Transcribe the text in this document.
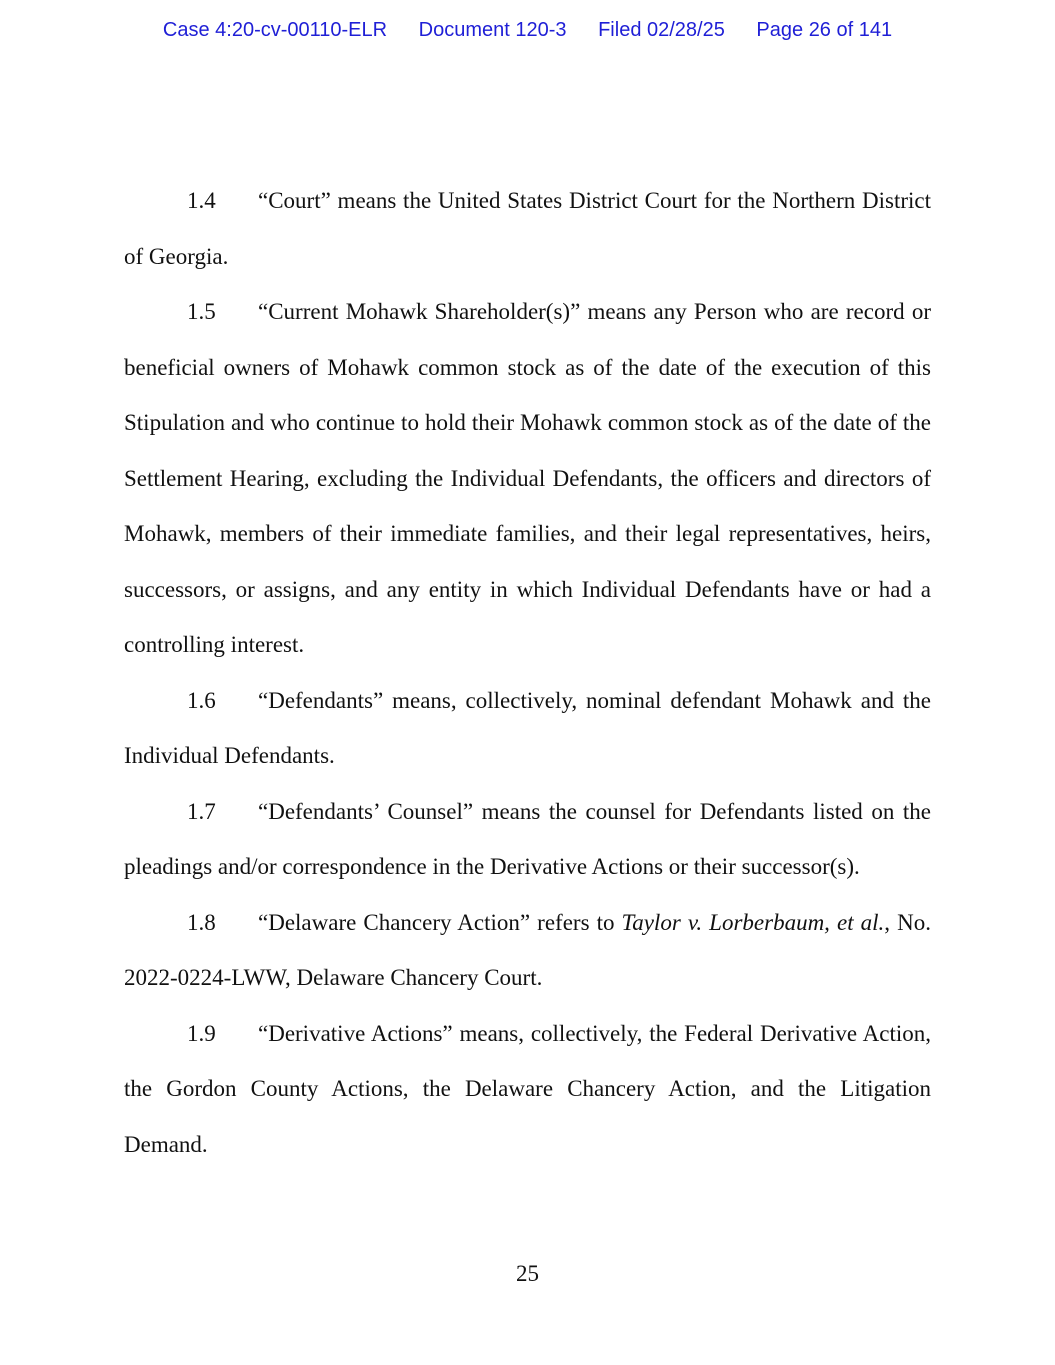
Case 4:20-cv-00110-ELR Document 120-3 Filed 02/28/25 Page 26 of 141

1.4 “Court” means the United States District Court for the Northern District of Georgia.

1.5 “Current Mohawk Shareholder(s)” means any Person who are record or beneficial owners of Mohawk common stock as of the date of the execution of this Stipulation and who continue to hold their Mohawk common stock as of the date of the Settlement Hearing, excluding the Individual Defendants, the officers and directors of Mohawk, members of their immediate families, and their legal representatives, heirs, successors, or assigns, and any entity in which Individual Defendants have or had a controlling interest.

1.6 “Defendants” means, collectively, nominal defendant Mohawk and the Individual Defendants.

1.7 “Defendants’ Counsel” means the counsel for Defendants listed on the pleadings and/or correspondence in the Derivative Actions or their successor(s).

1.8 “Delaware Chancery Action” refers to Taylor v. Lorberbaum, et al., No. 2022-0224-LWW, Delaware Chancery Court.

1.9 “Derivative Actions” means, collectively, the Federal Derivative Action, the Gordon County Actions, the Delaware Chancery Action, and the Litigation Demand.

25
